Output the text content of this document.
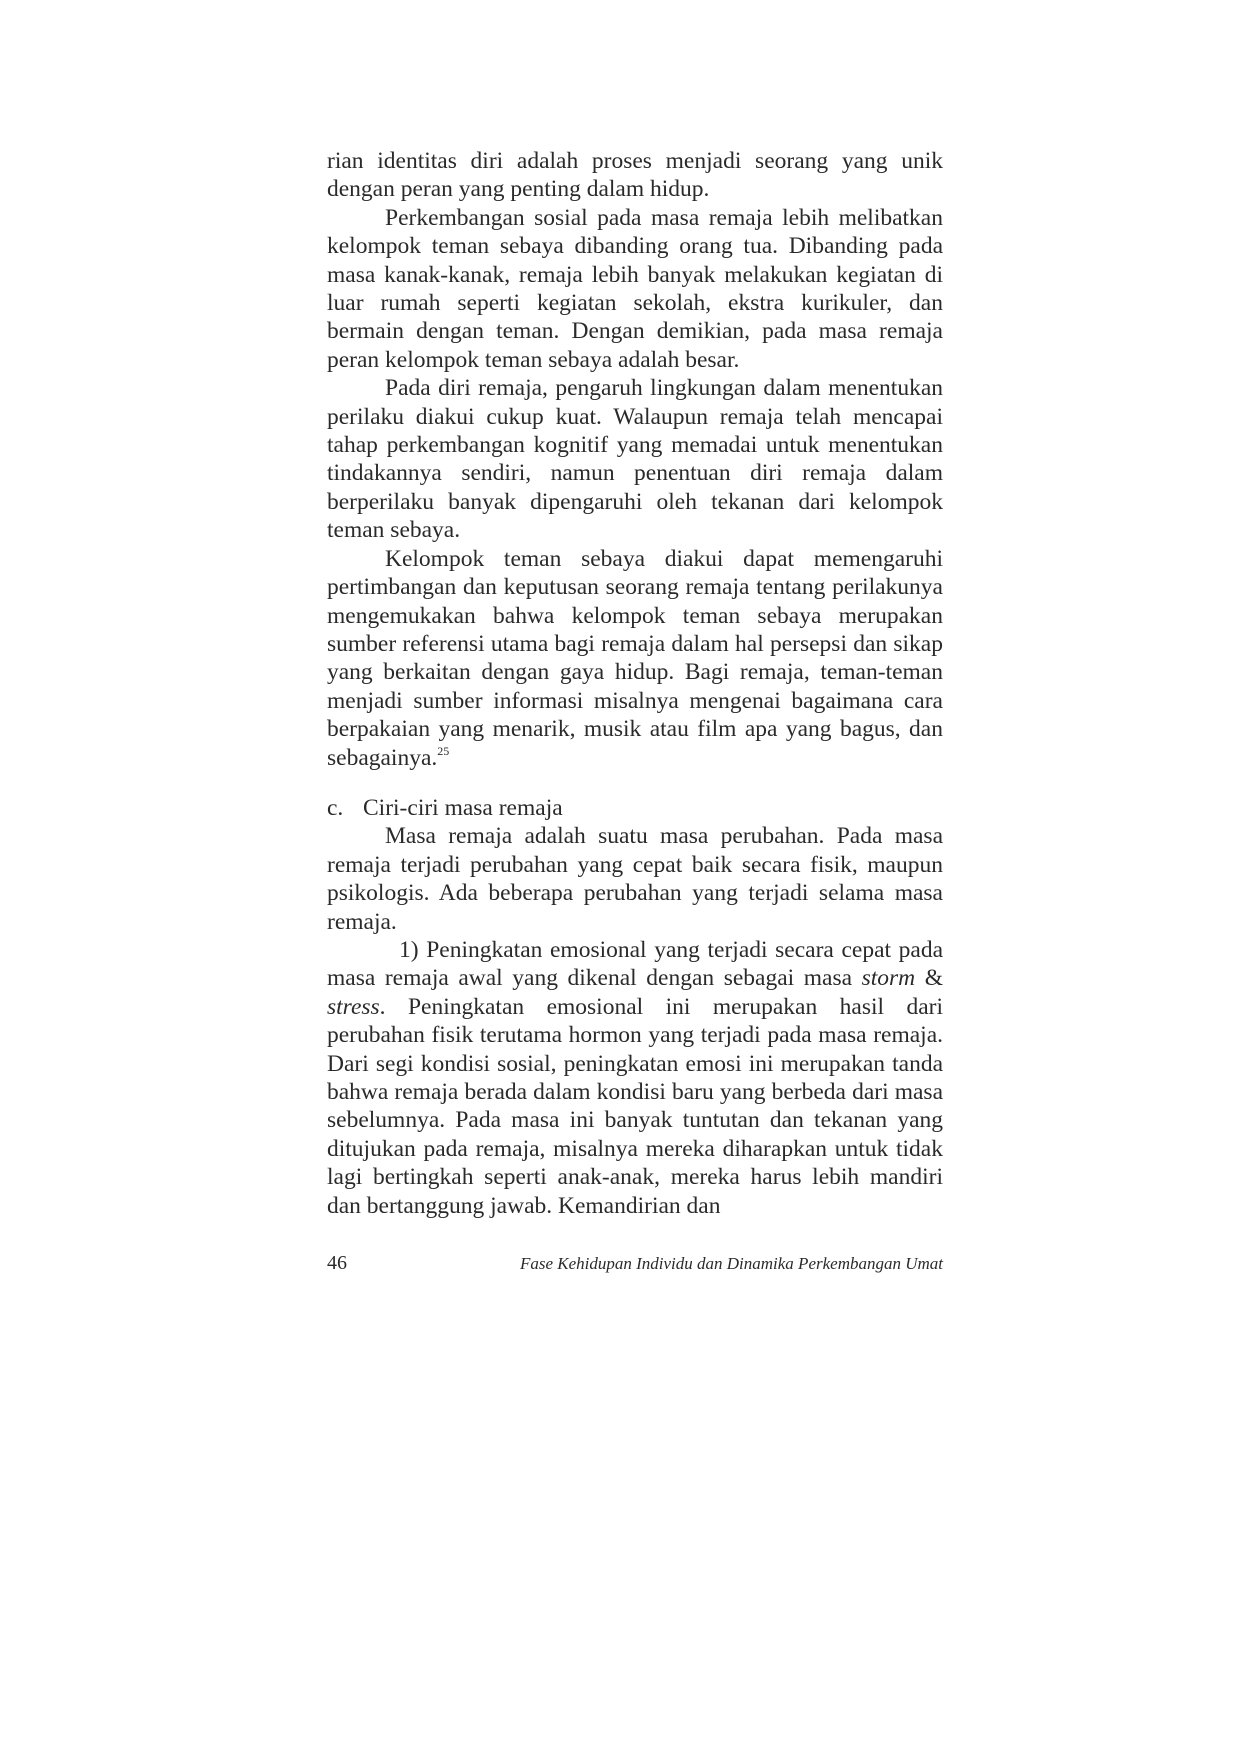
rian identitas diri adalah proses menjadi seorang yang unik dengan peran yang penting dalam hidup.

Perkembangan sosial pada masa remaja lebih melibatkan kelompok teman sebaya dibanding orang tua. Dibanding pada masa kanak-kanak, remaja lebih banyak melakukan kegiatan di luar rumah seperti kegiatan sekolah, ekstra kurikuler, dan bermain dengan teman. Dengan demikian, pada masa remaja peran kelompok teman sebaya adalah besar.

Pada diri remaja, pengaruh lingkungan dalam menentukan perilaku diakui cukup kuat. Walaupun remaja telah mencapai tahap perkembangan kognitif yang memadai untuk menentukan tindakannya sendiri, namun penentuan diri remaja dalam berperilaku banyak dipengaruhi oleh tekanan dari kelompok teman sebaya.

Kelompok teman sebaya diakui dapat memengaruhi pertimbangan dan keputusan seorang remaja tentang perilakunya mengemukakan bahwa kelompok teman sebaya merupakan sumber referensi utama bagi remaja dalam hal persepsi dan sikap yang berkaitan dengan gaya hidup. Bagi remaja, teman-teman menjadi sumber informasi misalnya mengenai bagaimana cara berpakaian yang menarik, musik atau film apa yang bagus, dan sebagainya.$^{25}$

c. Ciri-ciri masa remaja

Masa remaja adalah suatu masa perubahan. Pada masa remaja terjadi perubahan yang cepat baik secara fisik, maupun psikologis. Ada beberapa perubahan yang terjadi selama masa remaja.

1) Peningkatan emosional yang terjadi secara cepat pada masa remaja awal yang dikenal dengan sebagai masa storm & stress. Peningkatan emosional ini merupakan hasil dari perubahan fisik terutama hormon yang terjadi pada masa remaja. Dari segi kondisi sosial, peningkatan emosi ini merupakan tanda bahwa remaja berada dalam kondisi baru yang berbeda dari masa sebelumnya. Pada masa ini banyak tuntutan dan tekanan yang ditujukan pada remaja, misalnya mereka diharapkan untuk tidak lagi bertingkah seperti anak-anak, mereka harus lebih mandiri dan bertanggung jawab. Kemandirian dan

46	Fase Kehidupan Individu dan Dinamika Perkembangan Umat
